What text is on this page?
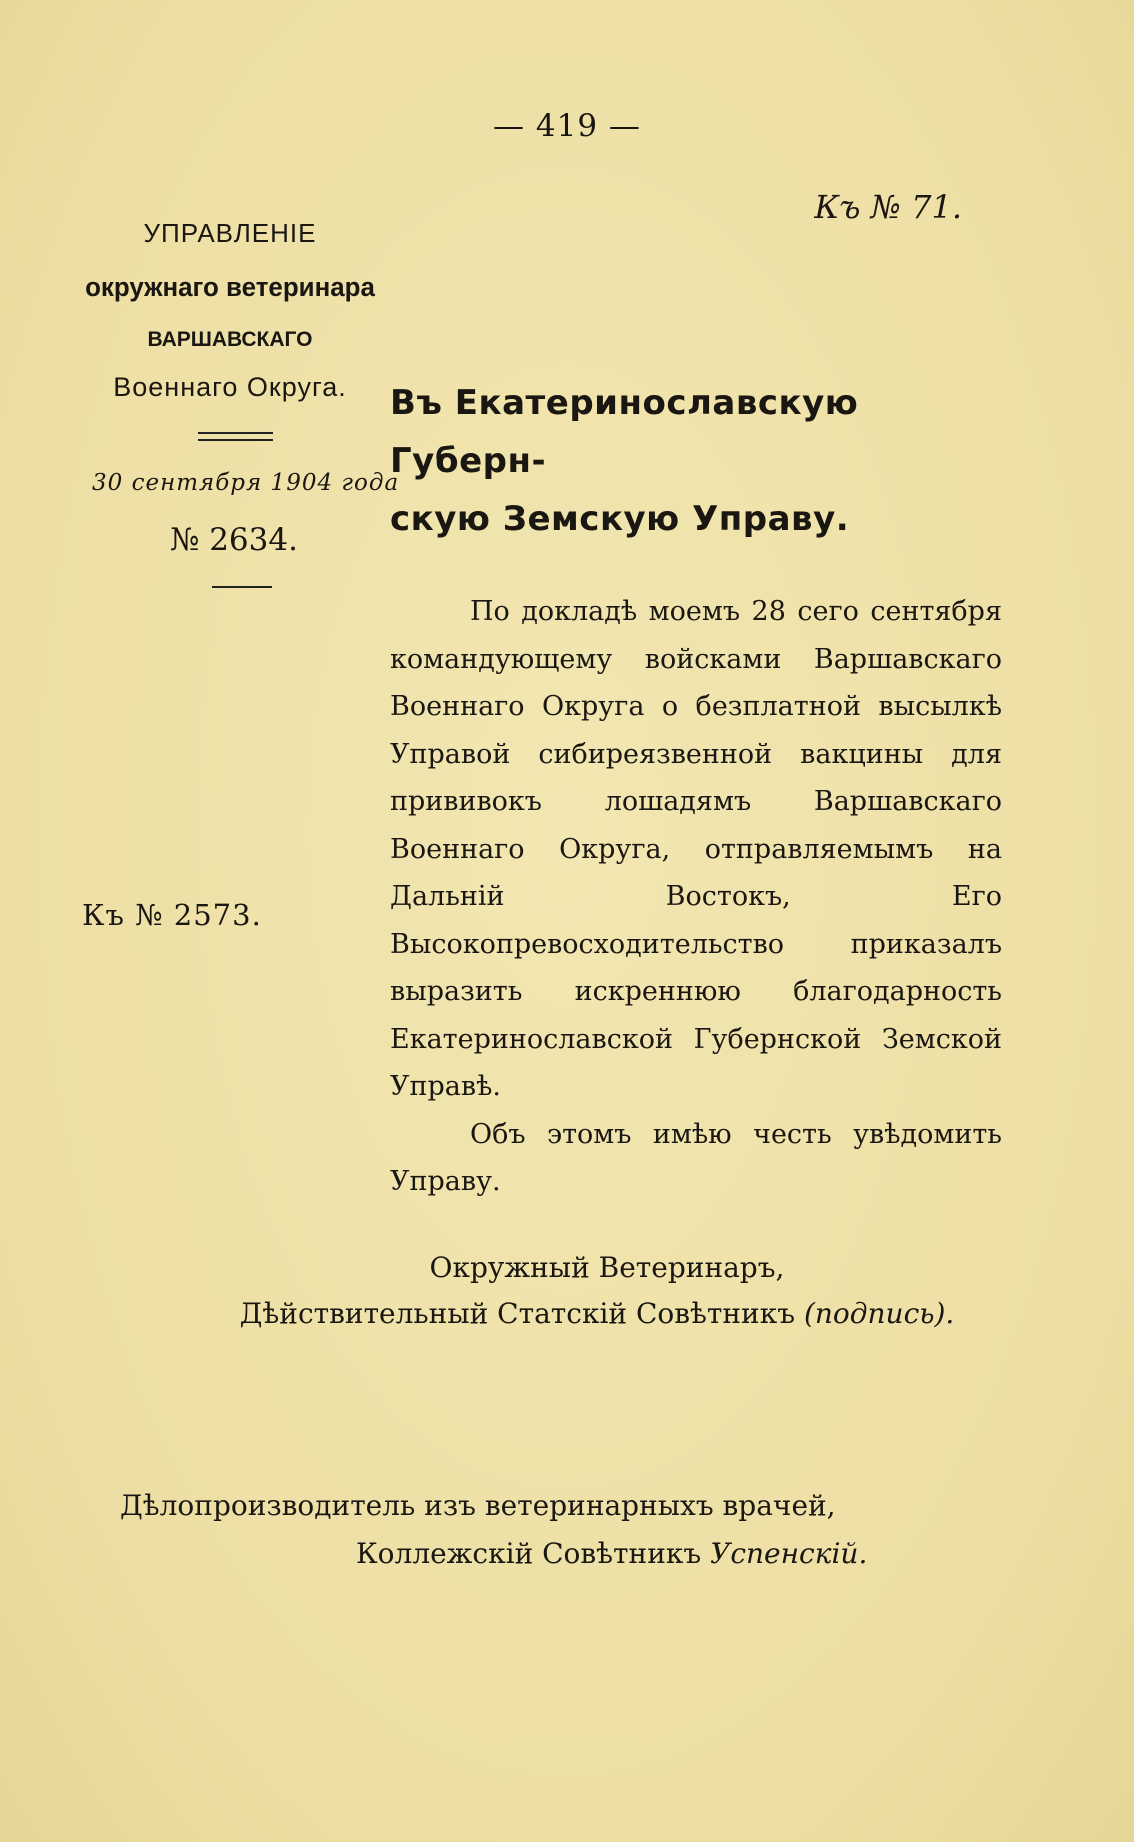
— 419 —
Къ № 71.
УПРАВЛЕНІЕ
окружнаго ветеринара
ВАРШАВСКАГО
Военнаго Округа.
30 сентября 1904 года
№ 2634.
Къ № 2573.

Въ Екатеринославскую Губерн-

скую Земскую Управу.

По докладѣ моемъ 28 сего сентября командующему войсками Варшавскаго Военнаго Округа о безплатной высылкѣ Управой сибиреязвенной вакцины для прививокъ лошадямъ Варшавскаго Военнаго Округа, отправляемымъ на Дальній Востокъ, Его Высокопревосходительство приказалъ выразить искреннюю благодарность Екатеринославской Губернской Земской Управѣ.

Объ этомъ имѣю честь увѣдомить Управу.

Окружный Ветеринаръ,
Дѣйствительный Статскій Совѣтникъ (подпись).
Дѣлопроизводитель изъ ветеринарныхъ врачей,
Коллежскій Совѣтникъ Успенскій.
